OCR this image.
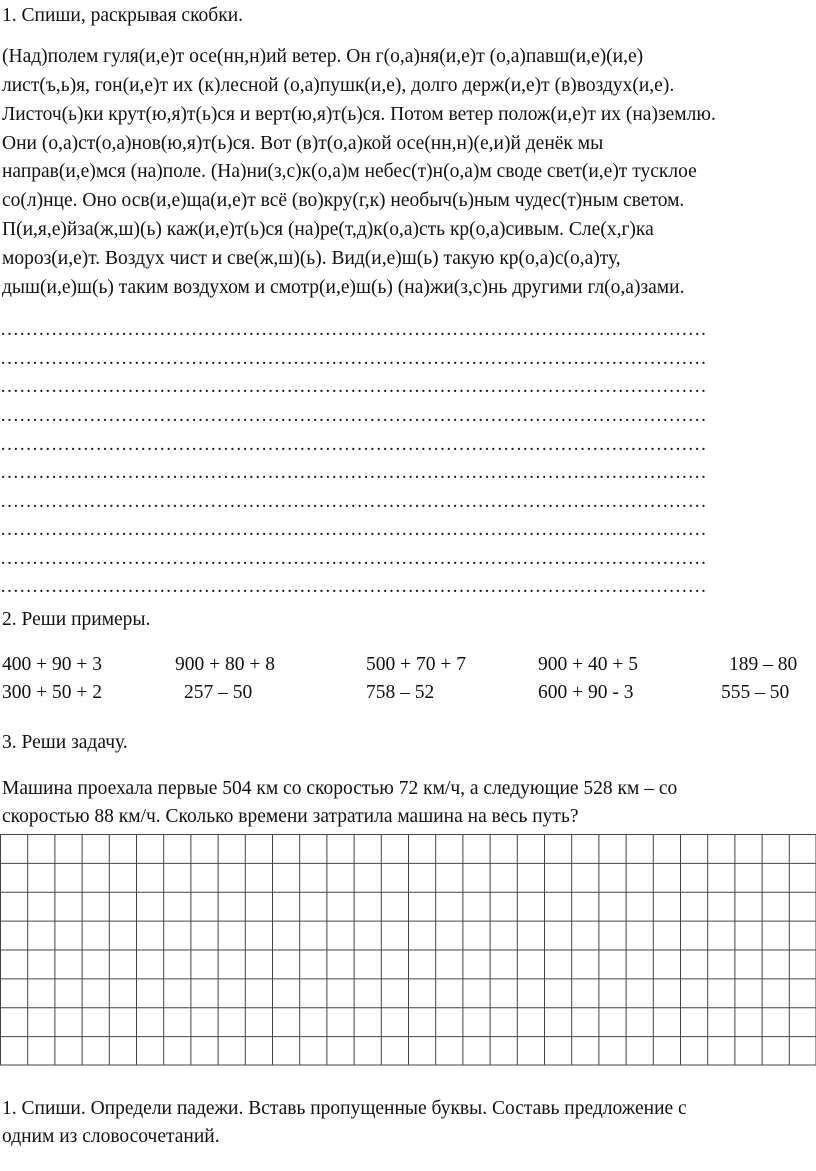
1. Спиши, раскрывая скобки.
(Над)полем гуля(и,е)т осе(нн,н)ий ветер. Он г(о,а)ня(и,е)т (о,а)павш(и,е)(и,е)
лист(ъ,ь)я, гон(и,е)т их (к)лесной (о,а)пушк(и,е), долго держ(и,е)т (в)воздух(и,е).
Листоч(ь)ки крут(ю,я)т(ь)ся и верт(ю,я)т(ь)ся. Потом ветер полож(и,е)т их (на)землю.
Они (о,а)ст(о,а)нов(ю,я)т(ь)ся. Вот (в)т(о,а)кой осе(нн,н)(е,и)й денёк мы
направ(и,е)мся (на)поле. (На)ни(з,с)к(о,а)м небес(т)н(о,а)м своде свет(и,е)т тусклое
со(л)нце. Оно осв(и,е)ща(и,е)т всё (во)кру(г,к) необыч(ь)ным чудес(т)ным светом.
П(и,я,е)йза(ж,ш)(ь) каж(и,е)т(ь)ся (на)ре(т,д)к(о,а)сть кр(о,а)сивым. Сле(х,г)ка
мороз(и,е)т. Воздух чист и све(ж,ш)(ь). Вид(и,е)ш(ь) такую кр(о,а)с(о,а)ту,
дыш(и,е)ш(ь) таким воздухом и смотр(и,е)ш(ь) (на)жи(з,с)нь другими гл(о,а)зами.
…………………………………………………………………………………………………
…………………………………………………………………………………………………
…………………………………………………………………………………………………
…………………………………………………………………………………………………
…………………………………………………………………………………………………
…………………………………………………………………………………………………
…………………………………………………………………………………………………
…………………………………………………………………………………………………
…………………………………………………………………………………………………
…………………………………………………………………………………………………
2. Реши примеры.
400 + 90 + 3	900 + 80 + 8	500 + 70 + 7	900 + 40 + 5	189 – 80
300 + 50 + 2	257 – 50	758 – 52	600 + 90 - 3	555 – 50
3. Реши задачу.
Машина проехала первые 504 км со скоростью 72 км/ч, а следующие 528 км – со
скоростью 88 км/ч. Сколько времени затратила машина на весь путь?
1. Спиши. Определи падежи. Вставь пропущенные буквы. Составь предложение с
одним из словосочетаний.
